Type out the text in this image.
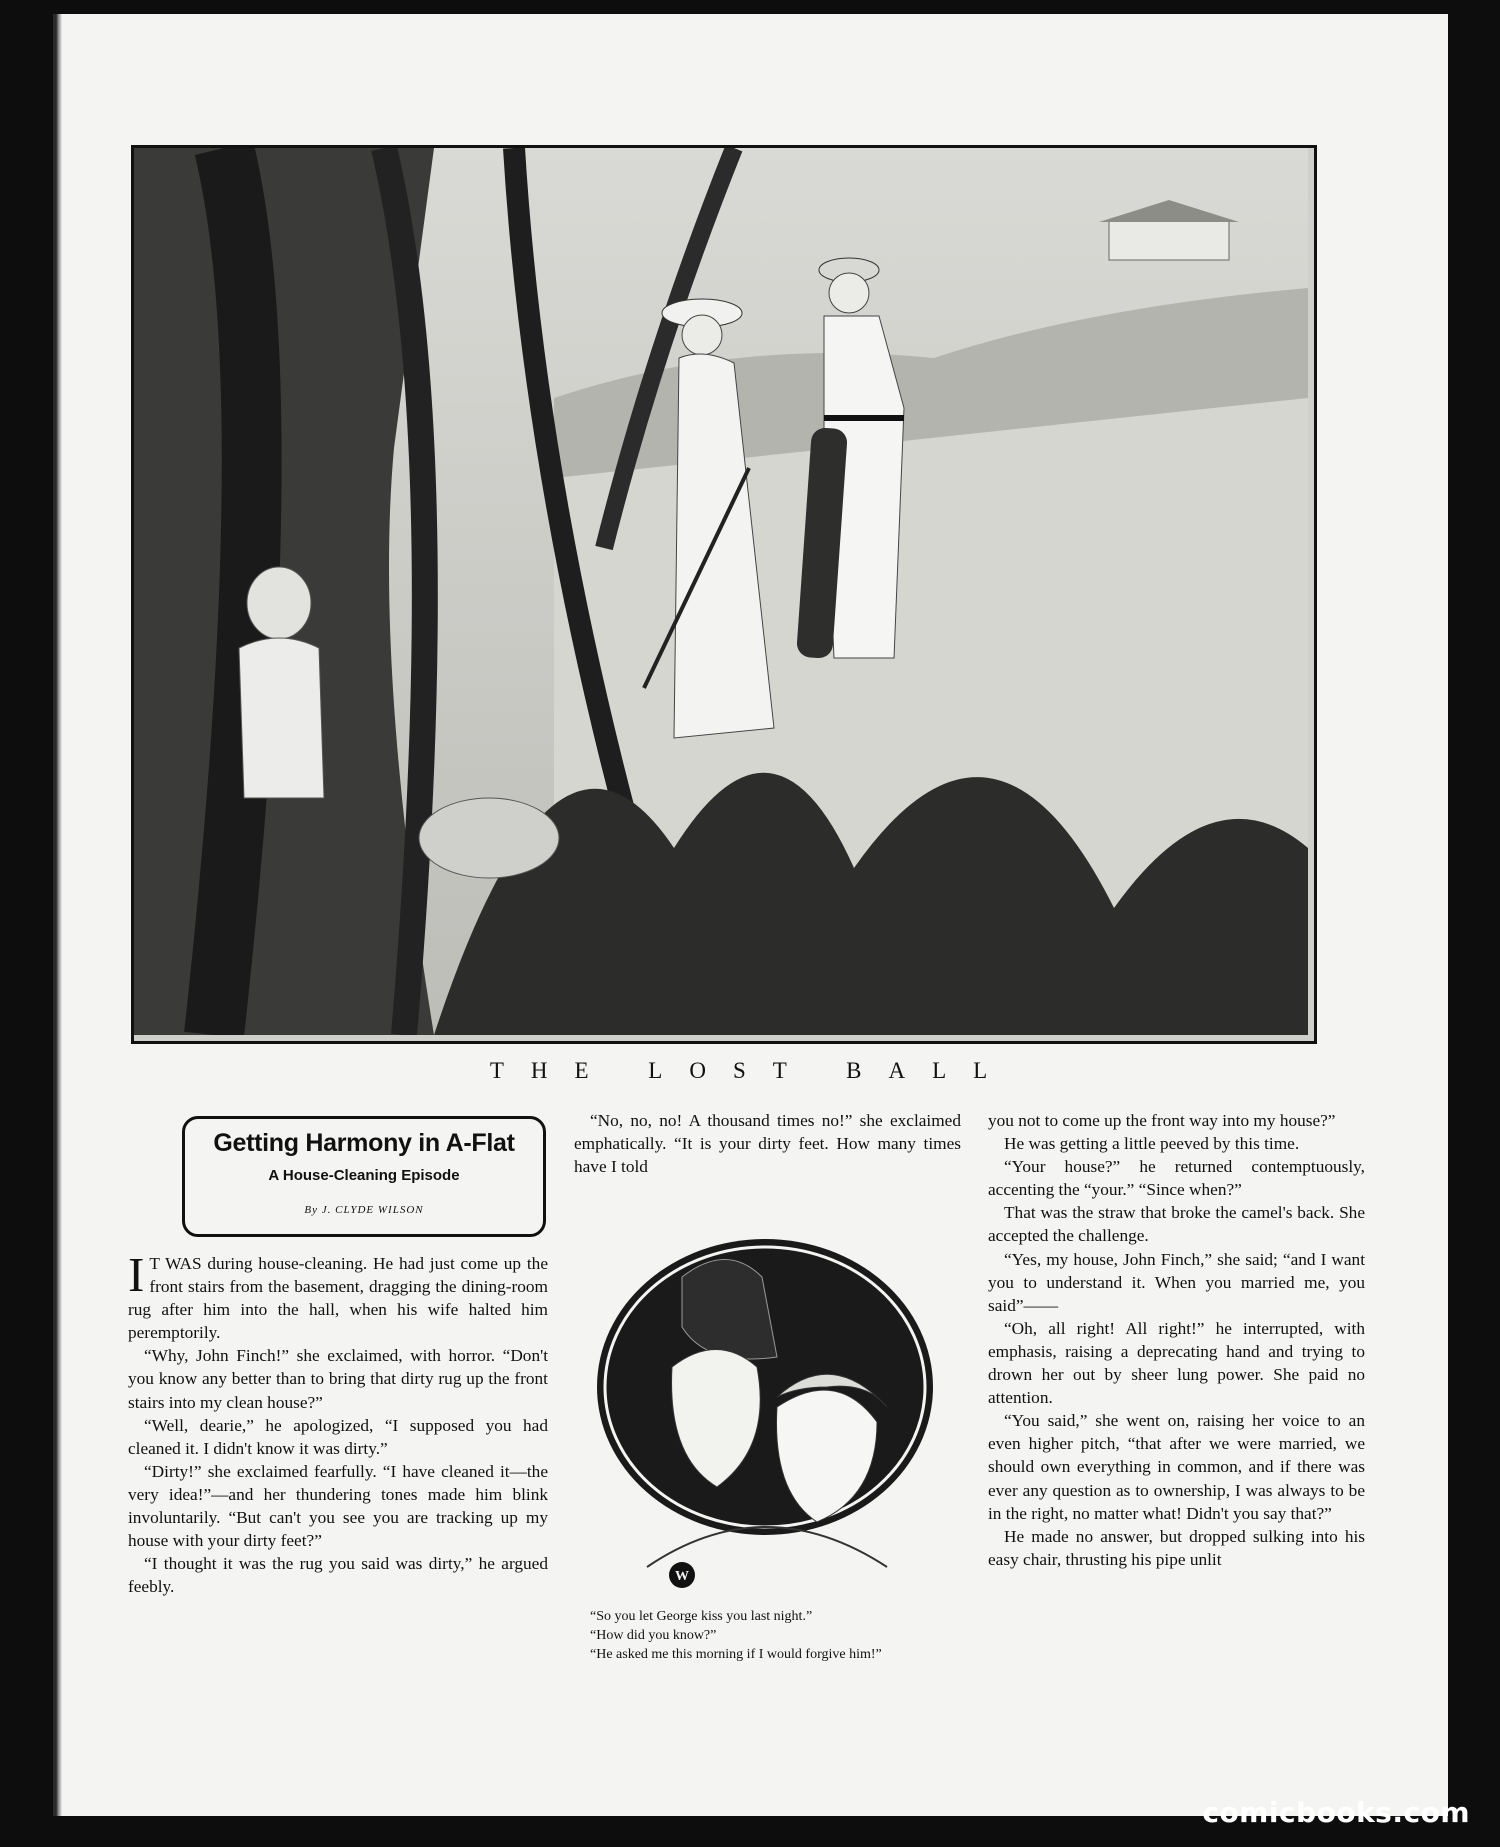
THE LOST BALL
Getting Harmony in A-Flat
A House-Cleaning Episode
By J. CLYDE WILSON

I T WAS during house-cleaning. He had just come up the front stairs from the basement, dragging the dining-room rug after him into the hall, when his wife halted him peremptorily.

“Why, John Finch!” she exclaimed, with horror. “Don't you know any better than to bring that dirty rug up the front stairs into my clean house?”

“Well, dearie,” he apologized, “I supposed you had cleaned it. I didn't know it was dirty.”

“Dirty!” she exclaimed fearfully. “I have cleaned it—the very idea!”—and her thundering tones made him blink involuntarily. “But can't you see you are tracking up my house with your dirty feet?”

“I thought it was the rug you said was dirty,” he argued feebly.

“No, no, no! A thousand times no!” she exclaimed emphatically. “It is your dirty feet. How many times have I told

W

“So you let George kiss you last night.”

“How did you know?”

“He asked me this morning if I would forgive him!”

you not to come up the front way into my house?”

He was getting a little peeved by this time.

“Your house?” he returned contemptuously, accenting the “your.” “Since when?”

That was the straw that broke the camel's back. She accepted the challenge.

“Yes, my house, John Finch,” she said; “and I want you to understand it. When you married me, you said”——

“Oh, all right! All right!” he interrupted, with emphasis, raising a deprecating hand and trying to drown her out by sheer lung power. She paid no attention.

“You said,” she went on, raising her voice to an even higher pitch, “that after we were married, we should own everything in common, and if there was ever any question as to ownership, I was always to be in the right, no matter what! Didn't you say that?”

He made no answer, but dropped sulking into his easy chair, thrusting his pipe unlit

comicbooks.com
